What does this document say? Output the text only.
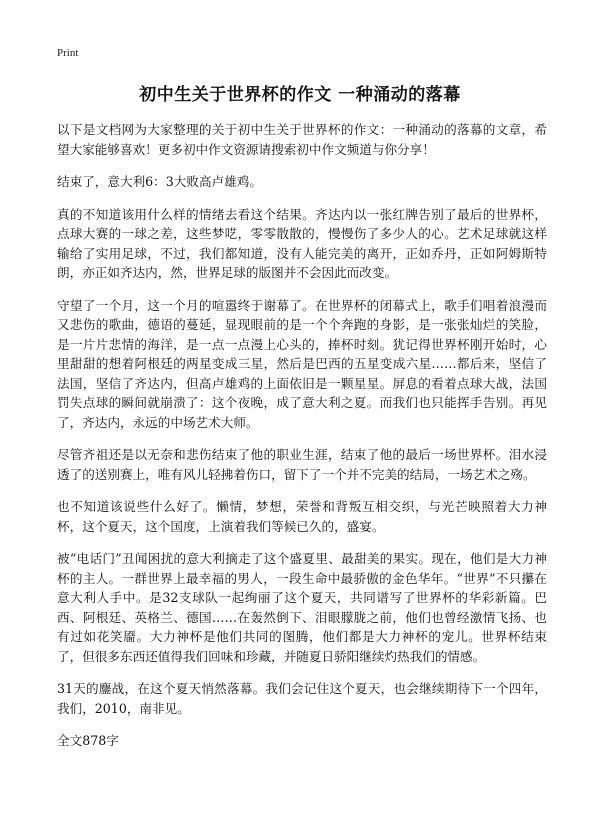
Print
初中生关于世界杯的作文 一种涌动的落幕

以下是文档网为大家整理的关于初中生关于世界杯的作文：一种涌动的落幕的文章，希望大家能够喜欢！更多初中作文资源请搜索初中作文频道与你分享！

结束了，意大利6：3大败高卢雄鸡。

真的不知道该用什么样的情绪去看这个结果。齐达内以一张红牌告别了最后的世界杯，点球大赛的一球之差，这些梦呓，零零散散的，慢慢伤了多少人的心。艺术足球就这样输给了实用足球，不过，我们都知道，没有人能完美的离开，正如乔丹，正如阿姆斯特朗，亦正如齐达内，然，世界足球的版图并不会因此而改变。

守望了一个月，这一个月的喧嚣终于谢幕了。在世界杯的闭幕式上，歌手们唱着浪漫而又悲伤的歌曲，德语的蔓延，显现眼前的是一个个奔跑的身影，是一张张灿烂的笑脸，是一片片悲情的海洋，是一点一点漫上心头的，捧杯时刻。犹记得世界杯刚开始时，心里甜甜的想着阿根廷的两星变成三星，然后是巴西的五星变成六星……都后来，坚信了法国，坚信了齐达内，但高卢雄鸡的上面依旧是一颗星星。屏息的看着点球大战，法国罚失点球的瞬间就崩溃了：这个夜晚，成了意大利之夏。而我们也只能挥手告别。再见了，齐达内，永远的中场艺术大师。

尽管齐祖还是以无奈和悲伤结束了他的职业生涯，结束了他的最后一场世界杯。泪水浸透了的送别赛上，唯有风儿轻拂着伤口，留下了一个并不完美的结局，一场艺术之殇。

也不知道该说些什么好了。懒情，梦想，荣誉和背叛互相交织，与光芒映照着大力神杯，这个夏天，这个国度，上演着我们等候已久的，盛宴。

被“电话门”丑闻困扰的意大利摘走了这个盛夏里、最甜美的果实。现在，他们是大力神杯的主人。一群世界上最幸福的男人，一段生命中最骄傲的金色华年。“世界”不只攥在意大利人手中。是32支球队一起绚丽了这个夏天，共同谱写了世界杯的华彩新篇。巴西、阿根廷、英格兰、德国……在轰然倒下、泪眼朦胧之前，他们也曾经激情飞扬、也有过如花笑靥。大力神杯是他们共同的图腾，他们都是大力神杯的宠儿。世界杯结束了，但很多东西还值得我们回味和珍藏，并随夏日骄阳继续灼热我们的情感。

31天的鏖战，在这个夏天悄然落幕。我们会记住这个夏天，也会继续期待下一个四年，我们，2010，南非见。

全文878字
